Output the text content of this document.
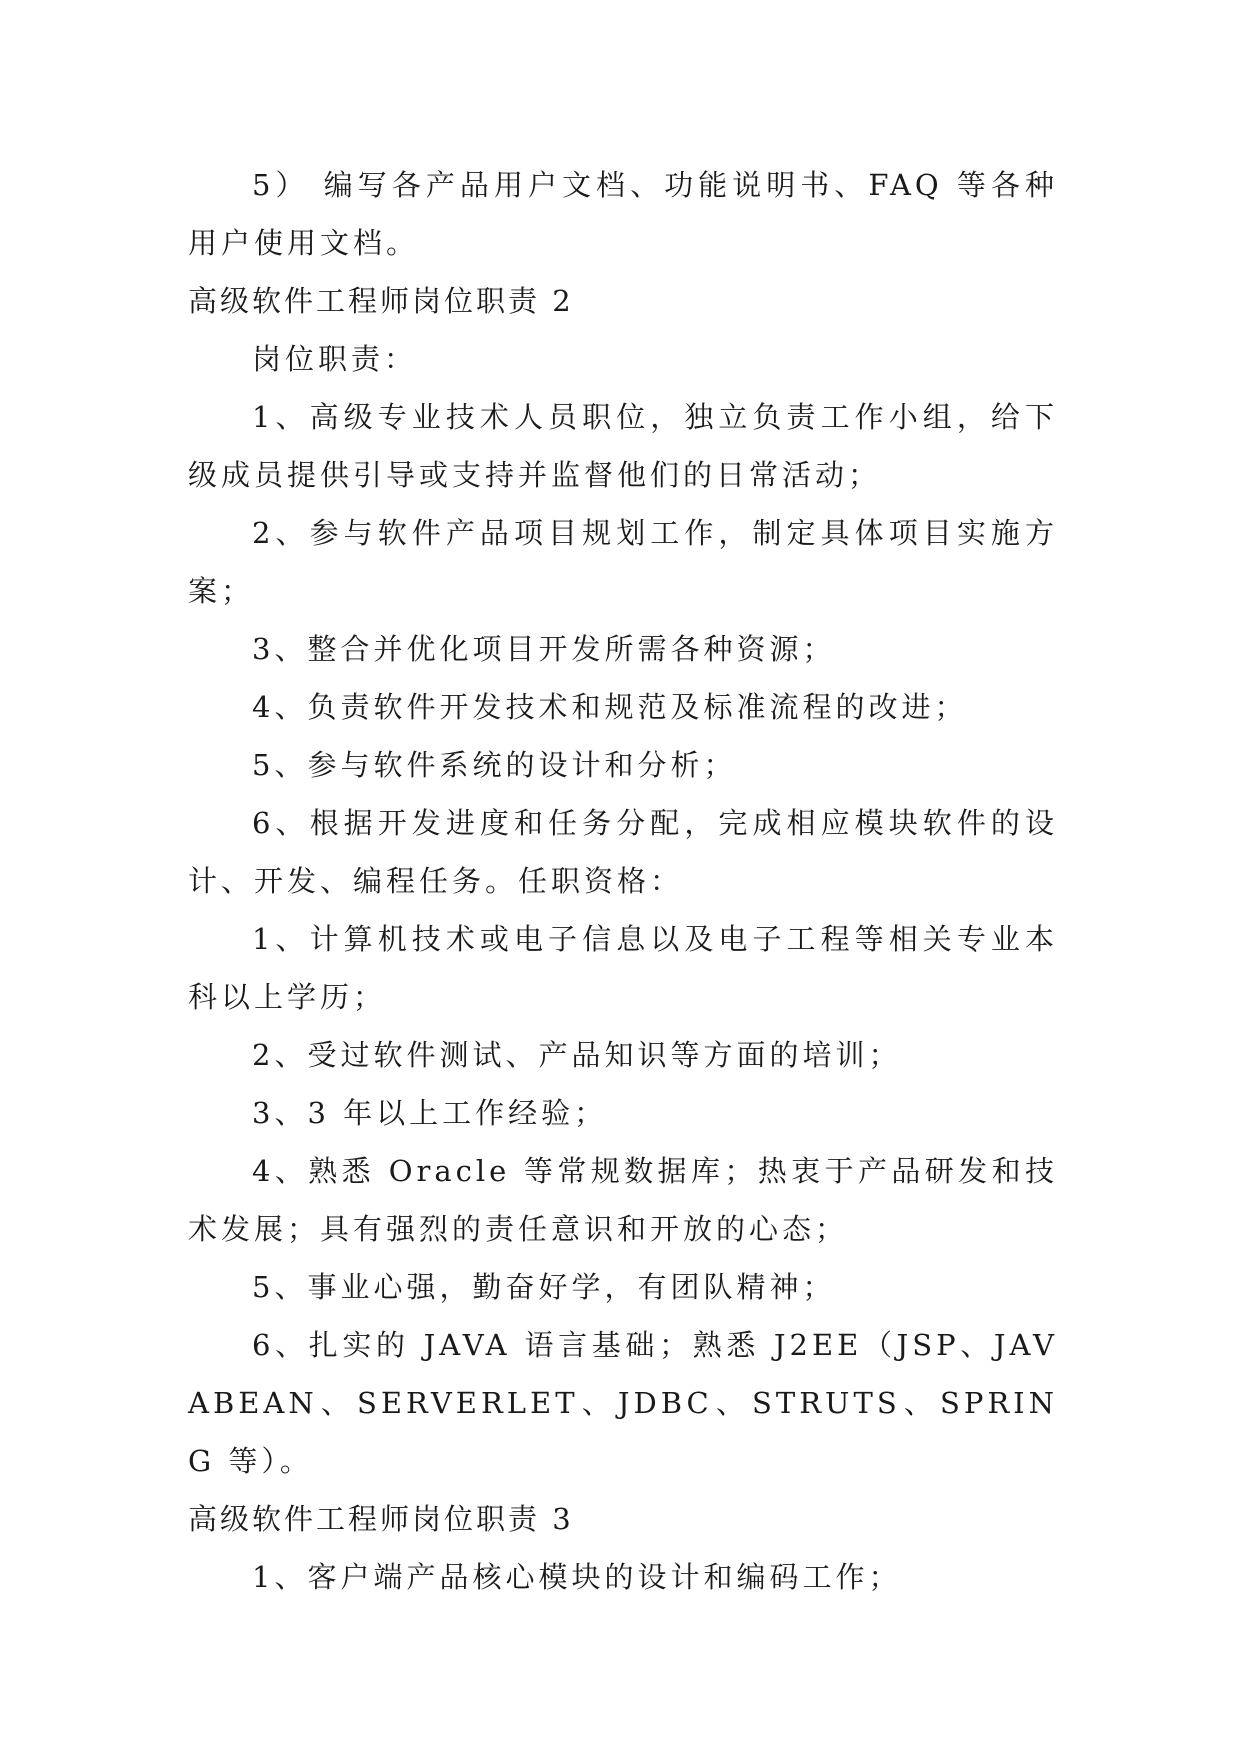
5） 编写各产品用户文档、功能说明书、FAQ 等各种用户使用文档。

高级软件工程师岗位职责 2

岗位职责：

1、高级专业技术人员职位，独立负责工作小组，给下级成员提供引导或支持并监督他们的日常活动；

2、参与软件产品项目规划工作，制定具体项目实施方案；

3、整合并优化项目开发所需各种资源；

4、负责软件开发技术和规范及标准流程的改进；

5、参与软件系统的设计和分析；

6、根据开发进度和任务分配，完成相应模块软件的设计、开发、编程任务。任职资格：

1、计算机技术或电子信息以及电子工程等相关专业本科以上学历；

2、受过软件测试、产品知识等方面的培训；

3、3 年以上工作经验；

4、熟悉 Oracle 等常规数据库；热衷于产品研发和技术发展；具有强烈的责任意识和开放的心态；

5、事业心强，勤奋好学，有团队精神；

6、扎实的 JAVA 语言基础；熟悉 J2EE（JSP、JAVABEAN、SERVERLET、JDBC、STRUTS、SPRING 等）。

高级软件工程师岗位职责 3

1、客户端产品核心模块的设计和编码工作；
